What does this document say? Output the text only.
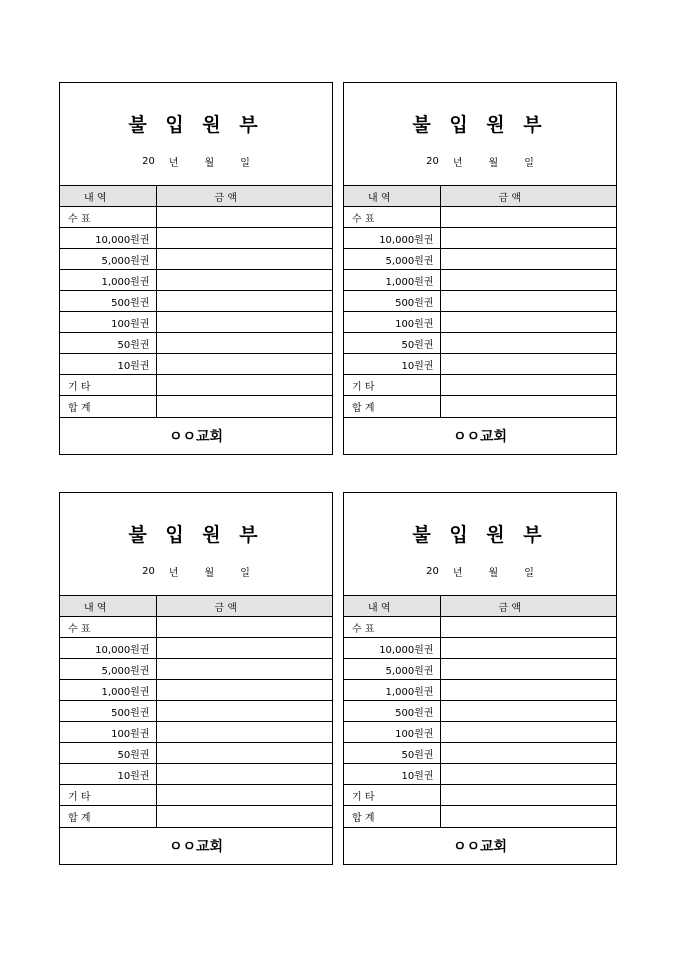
불 입 원 부
20 년	월	일
내 역	금 액
수 표	
10,000원권	
5,000원권	
1,000원권	
500원권	
100원권	
50원권	
10원권	
기 타	
합 계	
ㅇㅇ교회
불 입 원 부
20 년	월	일
내 역	금 액
수 표	
10,000원권	
5,000원권	
1,000원권	
500원권	
100원권	
50원권	
10원권	
기 타	
합 계	
ㅇㅇ교회
불 입 원 부
20 년	월	일
내 역	금 액
수 표	
10,000원권	
5,000원권	
1,000원권	
500원권	
100원권	
50원권	
10원권	
기 타	
합 계	
ㅇㅇ교회
불 입 원 부
20 년	월	일
내 역	금 액
수 표	
10,000원권	
5,000원권	
1,000원권	
500원권	
100원권	
50원권	
10원권	
기 타	
합 계	
ㅇㅇ교회
